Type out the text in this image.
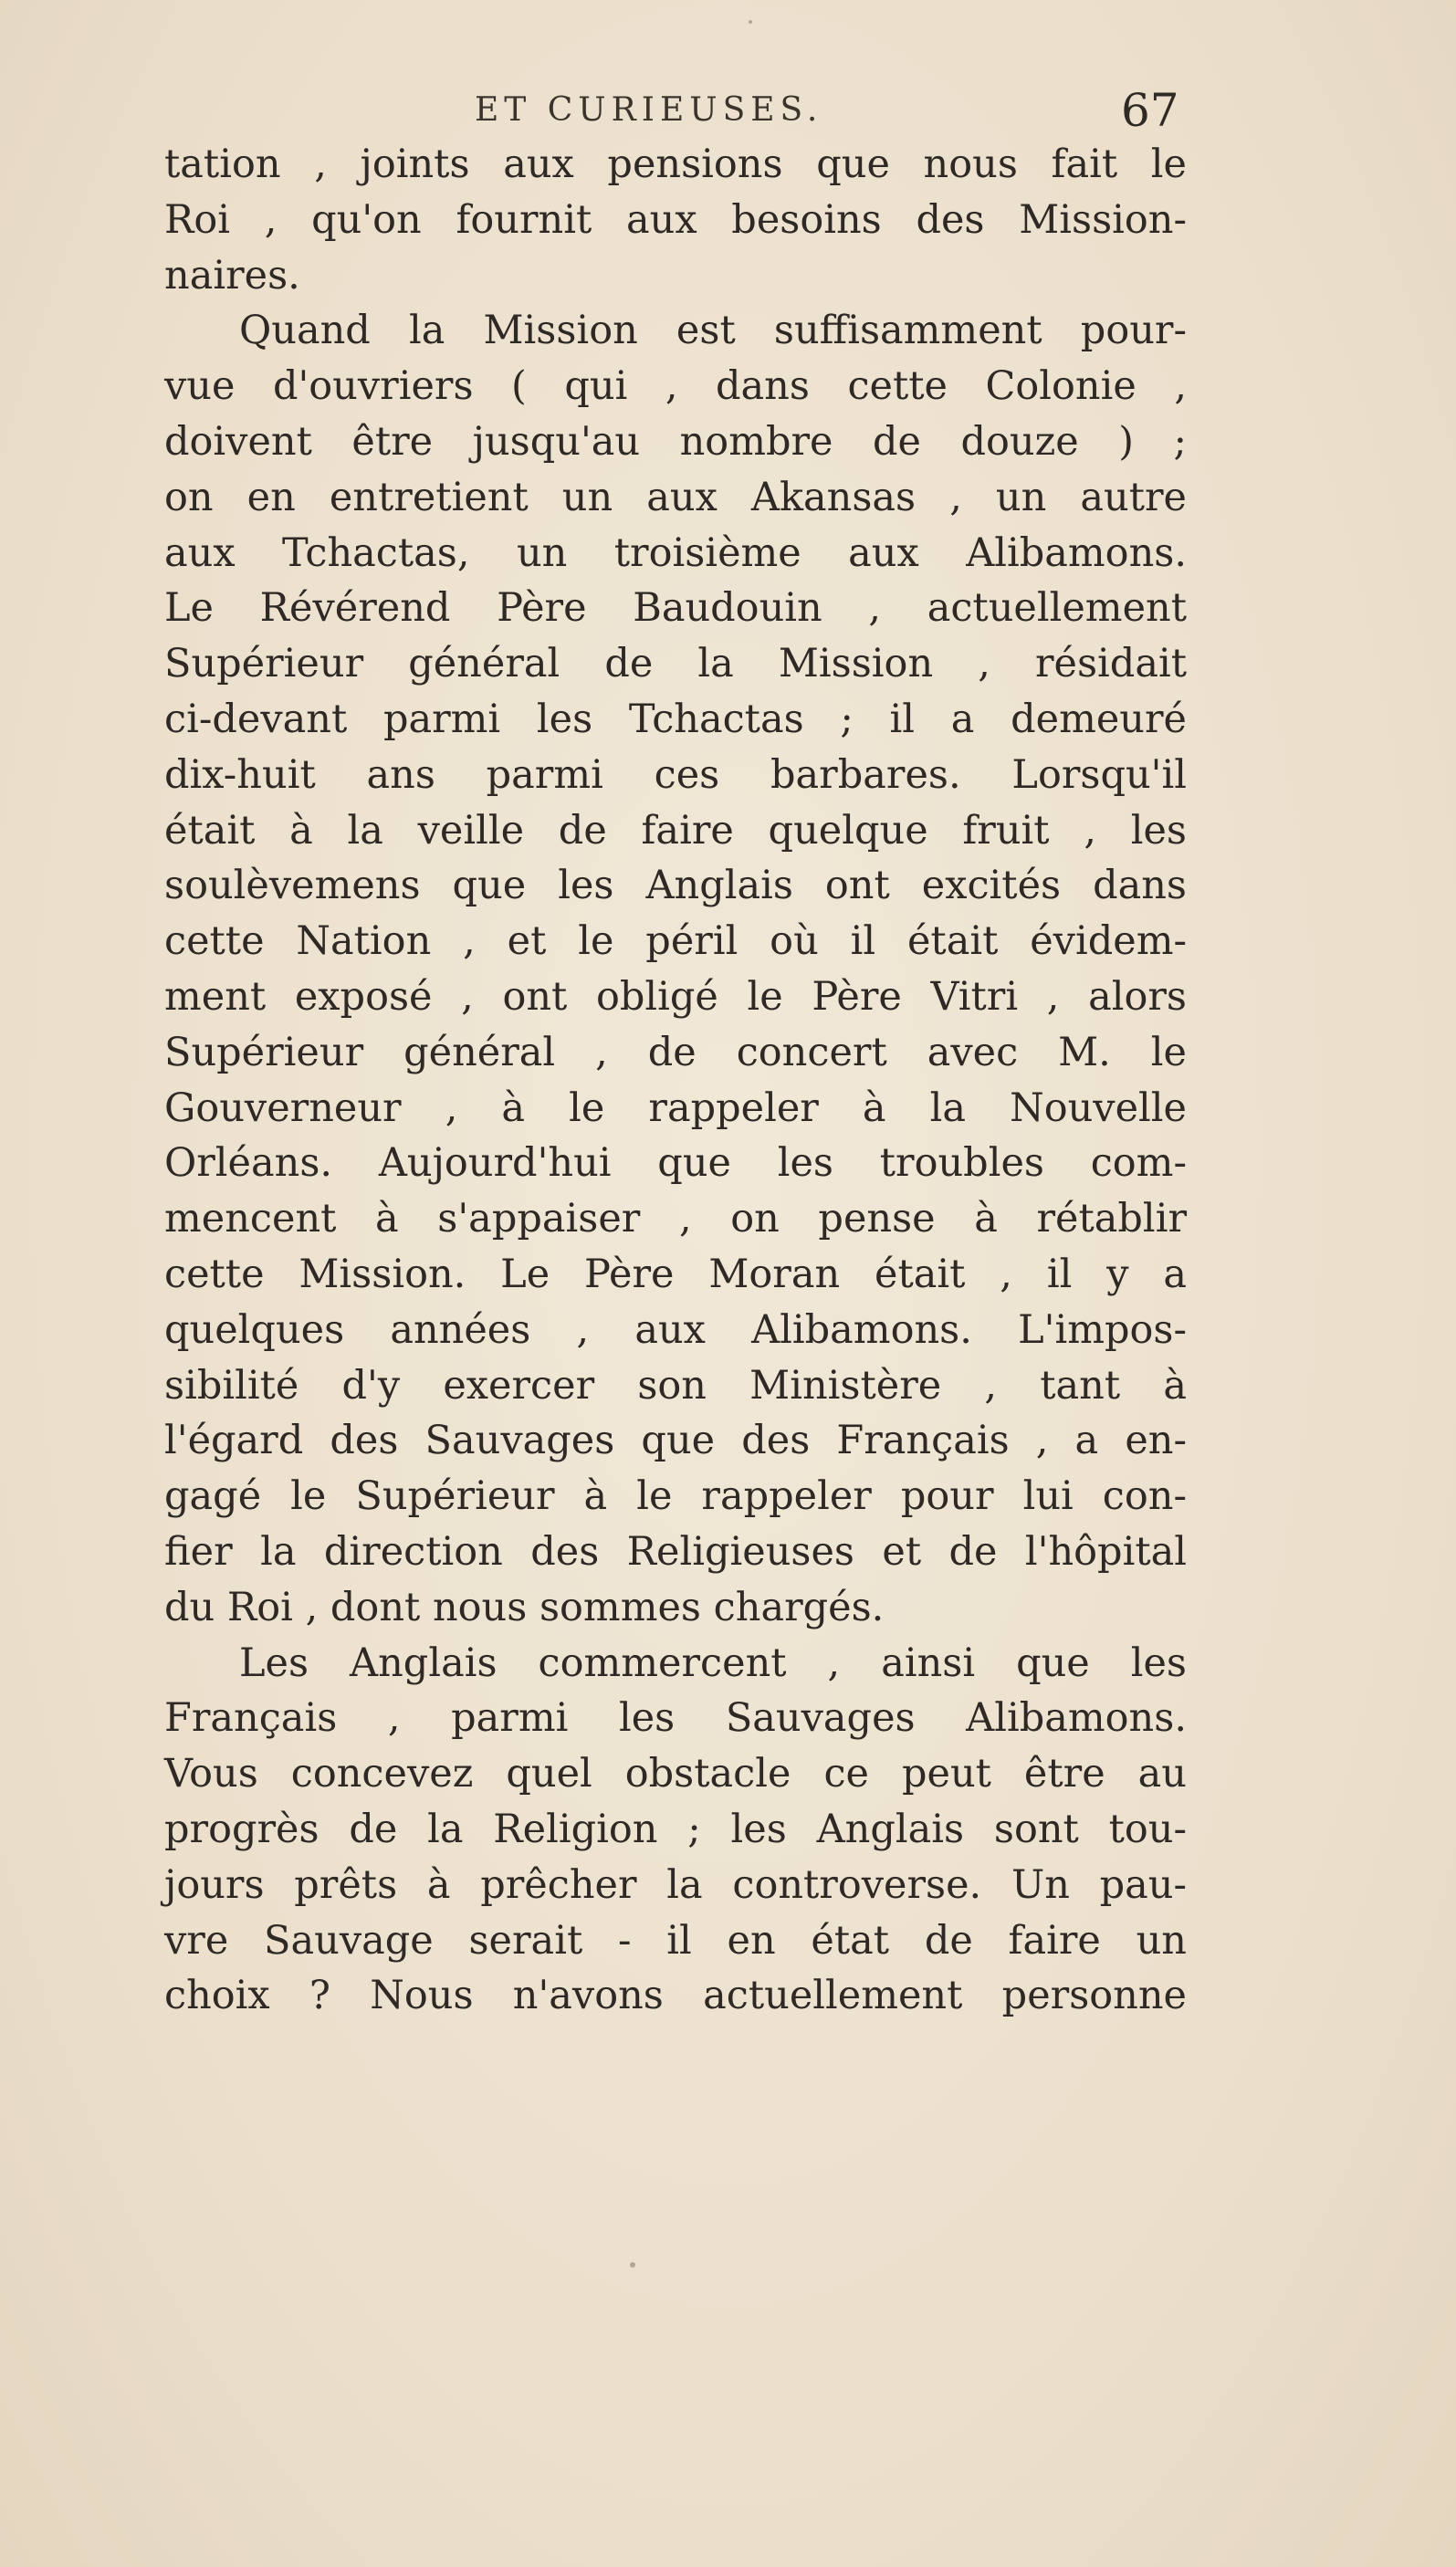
ET CURIEUSES.	67
tation , joints aux pensions que nous fait le
Roi , qu'on fournit aux besoins des Mission-
naires.
Quand la Mission est suffisamment pour-
vue d'ouvriers ( qui , dans cette Colonie ,
doivent être jusqu'au nombre de douze ) ;
on en entretient un aux Akansas , un autre
aux Tchactas, un troisième aux Alibamons.
Le Révérend Père Baudouin , actuellement
Supérieur général de la Mission , résidait
ci-devant parmi les Tchactas ; il a demeuré
dix-huit ans parmi ces barbares. Lorsqu'il
était à la veille de faire quelque fruit , les
soulèvemens que les Anglais ont excités dans
cette Nation , et le péril où il était évidem-
ment exposé , ont obligé le Père Vitri , alors
Supérieur général , de concert avec M. le
Gouverneur , à le rappeler à la Nouvelle
Orléans. Aujourd'hui que les troubles com-
mencent à s'appaiser , on pense à rétablir
cette Mission. Le Père Moran était , il y a
quelques années , aux Alibamons. L'impos-
sibilité d'y exercer son Ministère , tant à
l'égard des Sauvages que des Français , a en-
gagé le Supérieur à le rappeler pour lui con-
fier la direction des Religieuses et de l'hôpital
du Roi , dont nous sommes chargés.
Les Anglais commercent , ainsi que les
Français , parmi les Sauvages Alibamons.
Vous concevez quel obstacle ce peut être au
progrès de la Religion ; les Anglais sont tou-
jours prêts à prêcher la controverse. Un pau-
vre Sauvage serait - il en état de faire un
choix ? Nous n'avons actuellement personne
